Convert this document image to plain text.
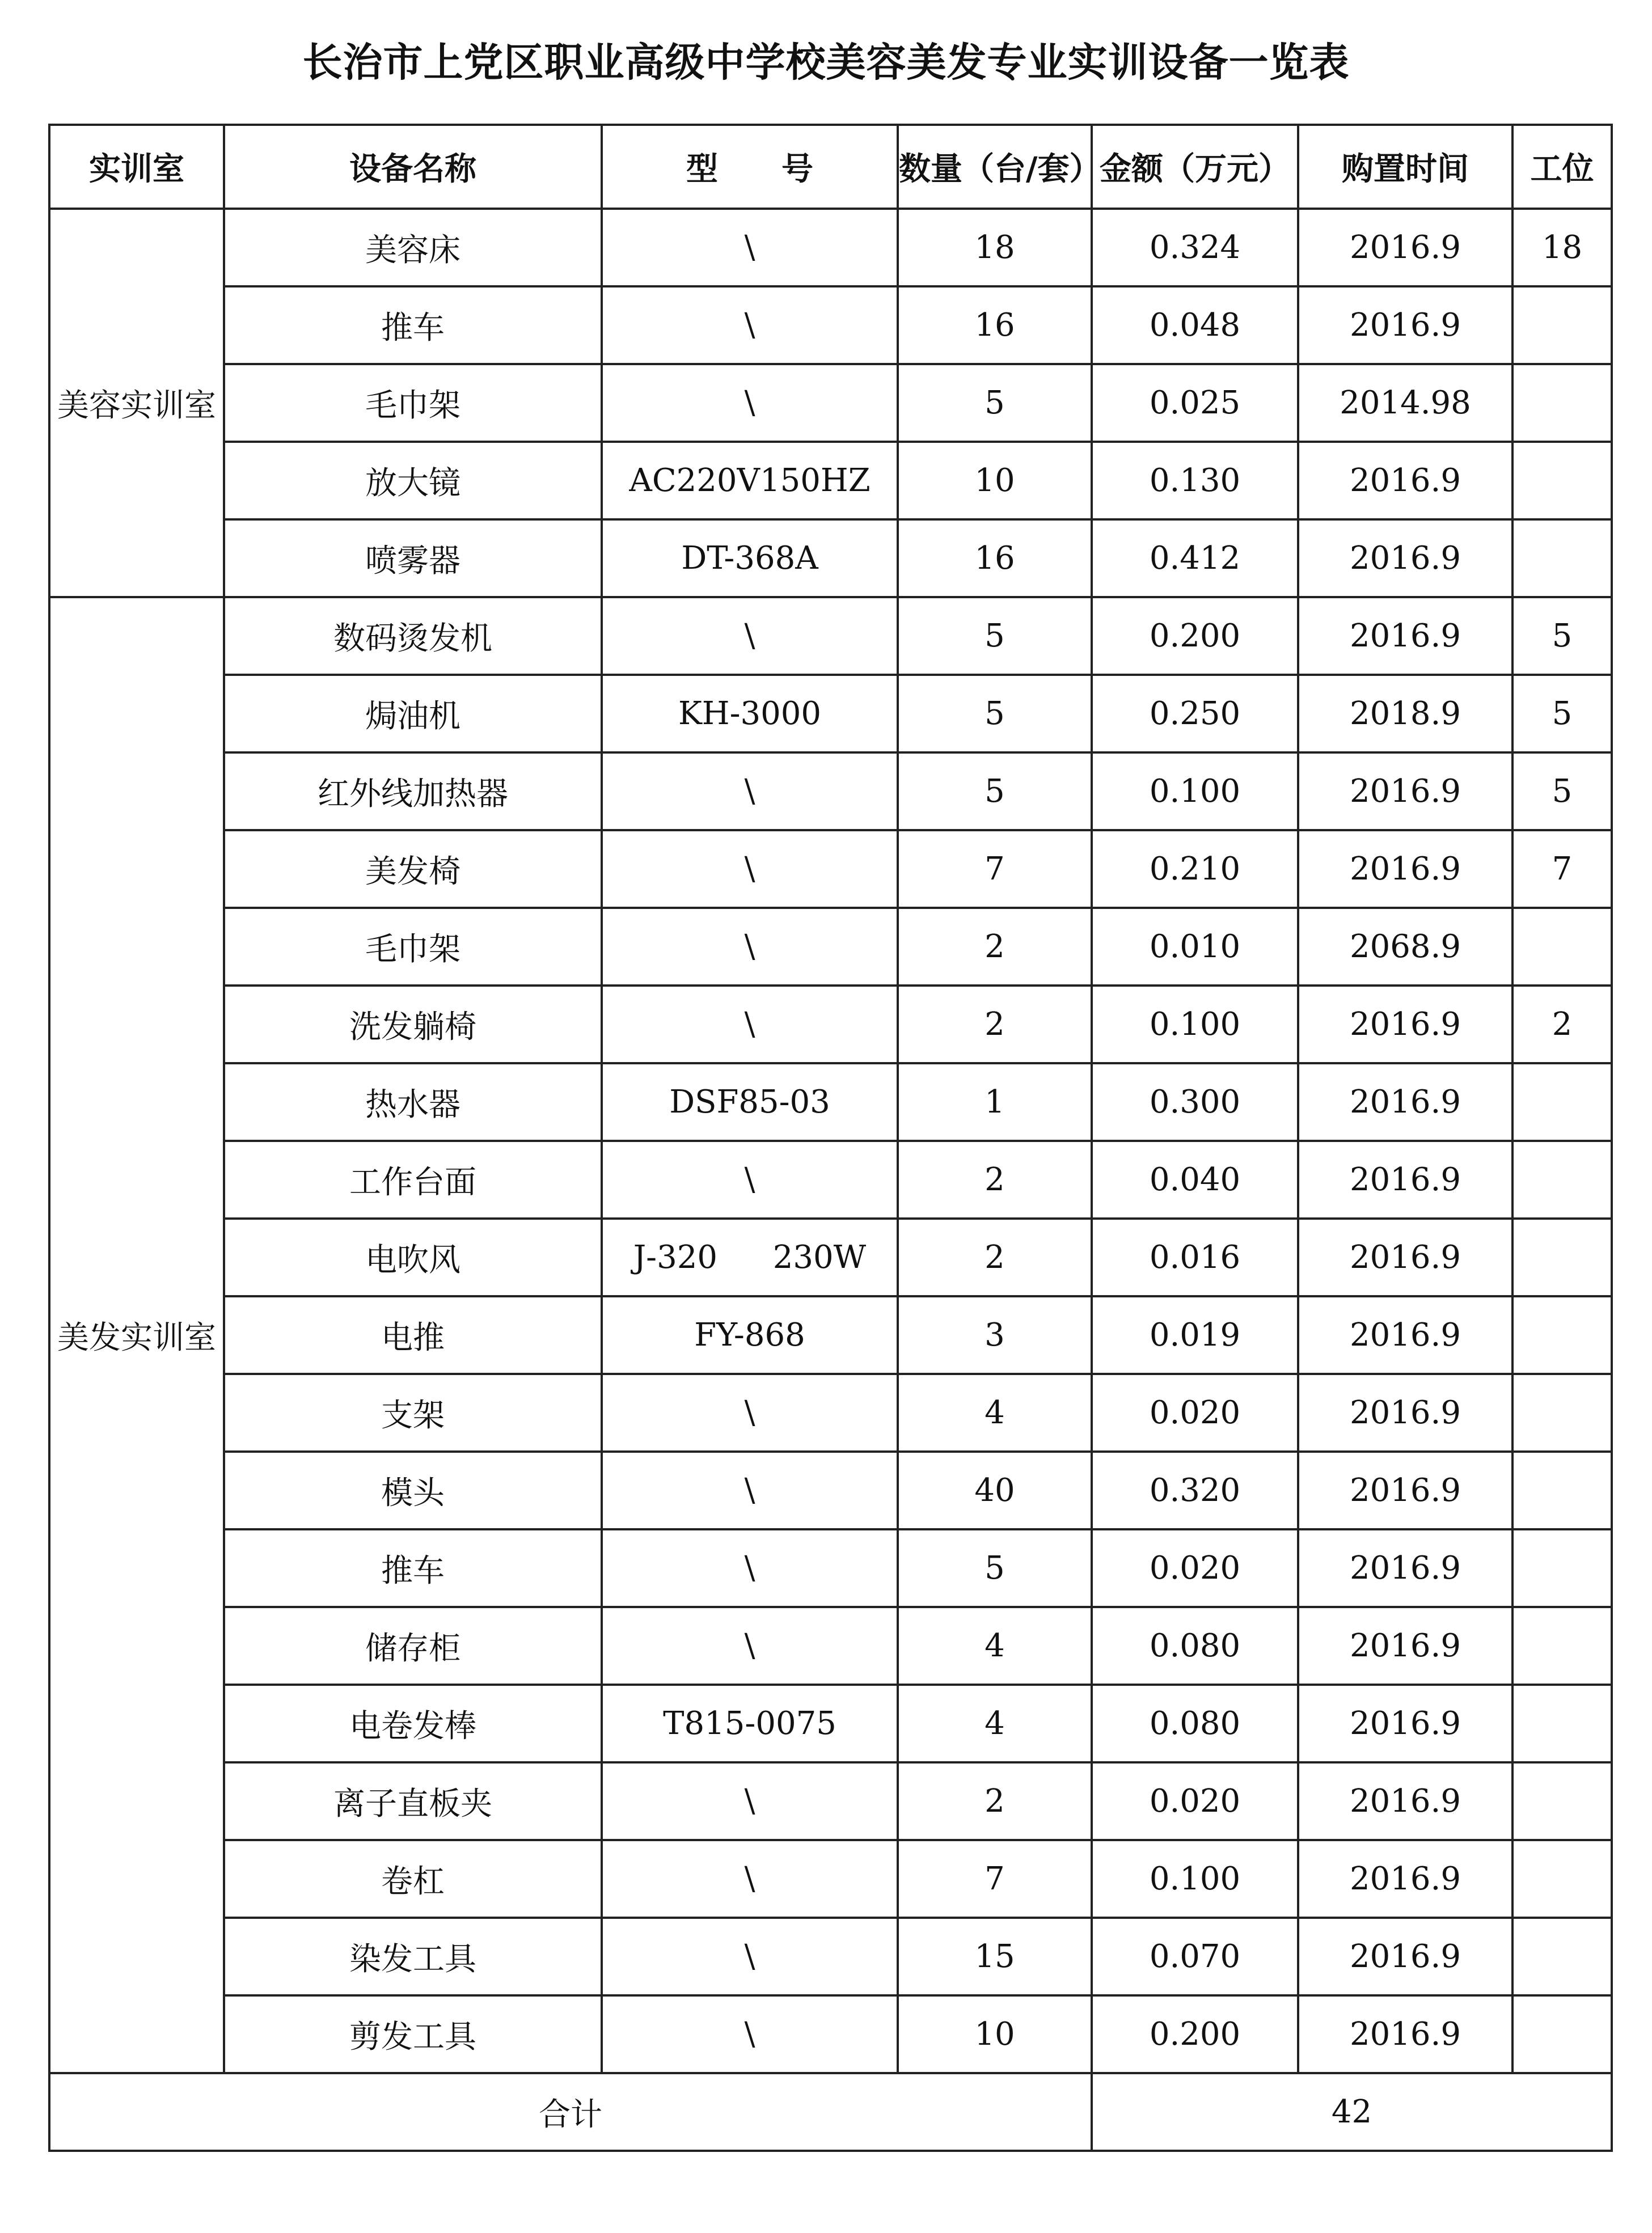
长治市上党区职业高级中学校美容美发专业实训设备一览表
实训室	设备名称	型　　号	数量（台/套）	金额（万元）	购置时间	工位
美容实训室	美容床	\	18	0.324	2016.9	18
	推车	\	16	0.048	2016.9	
	毛巾架	\	5	0.025	2014.98	
	放大镜	AC220V150HZ	10	0.130	2016.9	
	喷雾器	DT-368A	16	0.412	2016.9	
美发实训室	数码烫发机	\	5	0.200	2016.9	5
	焗油机	KH-3000	5	0.250	2018.9	5
	红外线加热器	\	5	0.100	2016.9	5
	美发椅	\	7	0.210	2016.9	7
	毛巾架	\	2	0.010	2068.9	
	洗发躺椅	\	2	0.100	2016.9	2
	热水器	DSF85-03	1	0.300	2016.9	
	工作台面	\	2	0.040	2016.9	
	电吹风	J-320 230W	2	0.016	2016.9	
	电推	FY-868	3	0.019	2016.9	
	支架	\	4	0.020	2016.9	
	模头	\	40	0.320	2016.9	
	推车	\	5	0.020	2016.9	
	储存柜	\	4	0.080	2016.9	
	电卷发棒	T815-0075	4	0.080	2016.9	
	离子直板夹	\	2	0.020	2016.9	
	卷杠	\	7	0.100	2016.9	
	染发工具	\	15	0.070	2016.9	
	剪发工具	\	10	0.200	2016.9	
合计				42		
